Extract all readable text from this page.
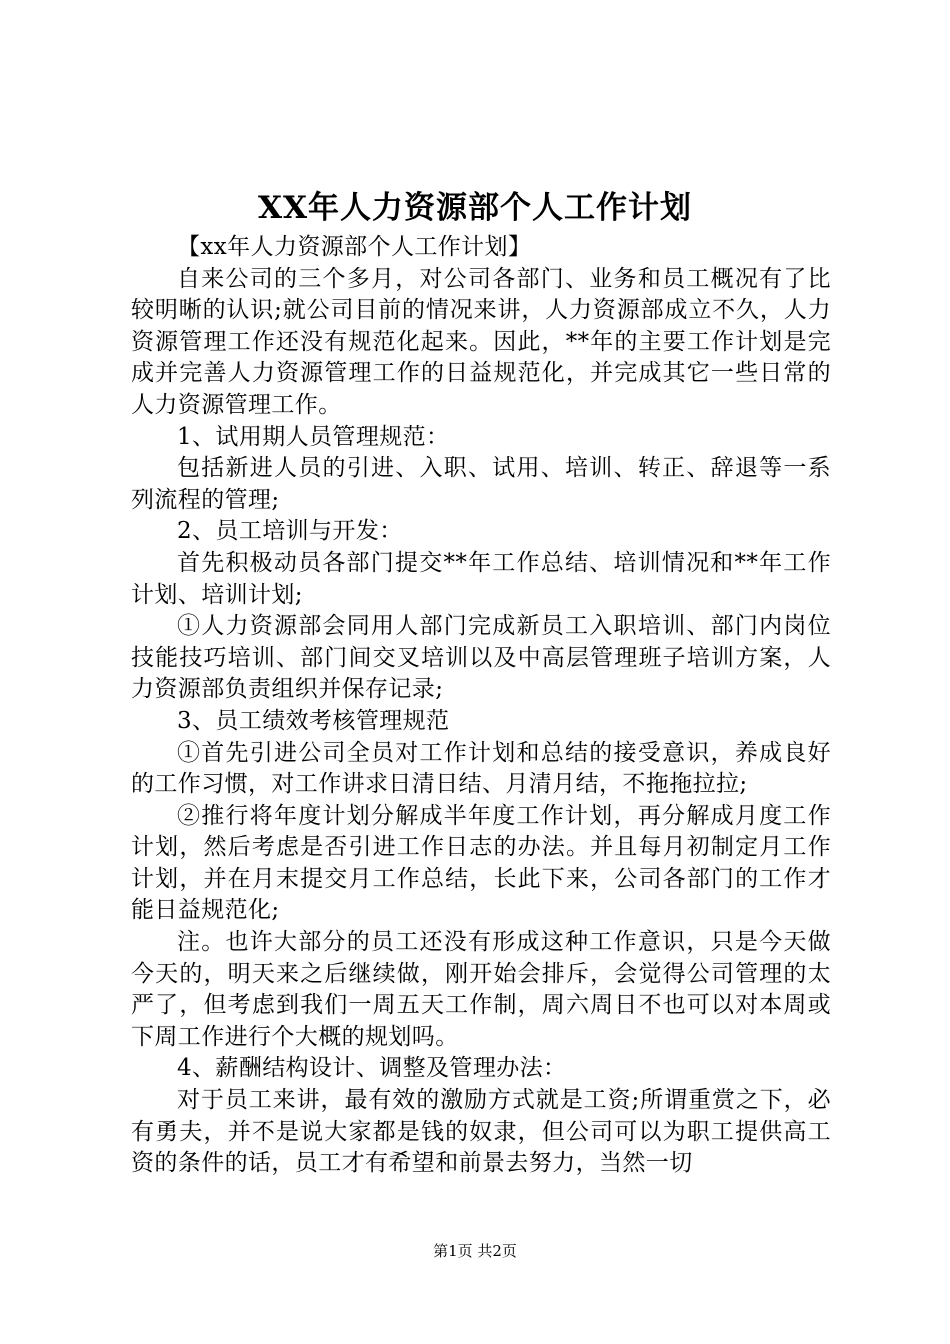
XX年人力资源部个人工作计划

【xx年人力资源部个人工作计划】

自来公司的三个多月，对公司各部门、业务和员工概况有了比较明晰的认识;就公司目前的情况来讲，人力资源部成立不久，人力资源管理工作还没有规范化起来。因此，**年的主要工作计划是完成并完善人力资源管理工作的日益规范化，并完成其它一些日常的人力资源管理工作。

1、试用期人员管理规范：

包括新进人员的引进、入职、试用、培训、转正、辞退等一系列流程的管理;

2、员工培训与开发：

首先积极动员各部门提交**年工作总结、培训情况和**年工作计划、培训计划;

①人力资源部会同用人部门完成新员工入职培训、部门内岗位技能技巧培训、部门间交叉培训以及中高层管理班子培训方案，人力资源部负责组织并保存记录;

3、员工绩效考核管理规范

①首先引进公司全员对工作计划和总结的接受意识，养成良好的工作习惯，对工作讲求日清日结、月清月结，不拖拖拉拉;

②推行将年度计划分解成半年度工作计划，再分解成月度工作计划，然后考虑是否引进工作日志的办法。并且每月初制定月工作计划，并在月末提交月工作总结，长此下来，公司各部门的工作才能日益规范化;

注。也许大部分的员工还没有形成这种工作意识，只是今天做今天的，明天来之后继续做，刚开始会排斥，会觉得公司管理的太严了，但考虑到我们一周五天工作制，周六周日不也可以对本周或下周工作进行个大概的规划吗。

4、薪酬结构设计、调整及管理办法：

对于员工来讲，最有效的激励方式就是工资;所谓重赏之下，必有勇夫，并不是说大家都是钱的奴隶，但公司可以为职工提供高工资的条件的话，员工才有希望和前景去努力，当然一切

第1页 共2页
